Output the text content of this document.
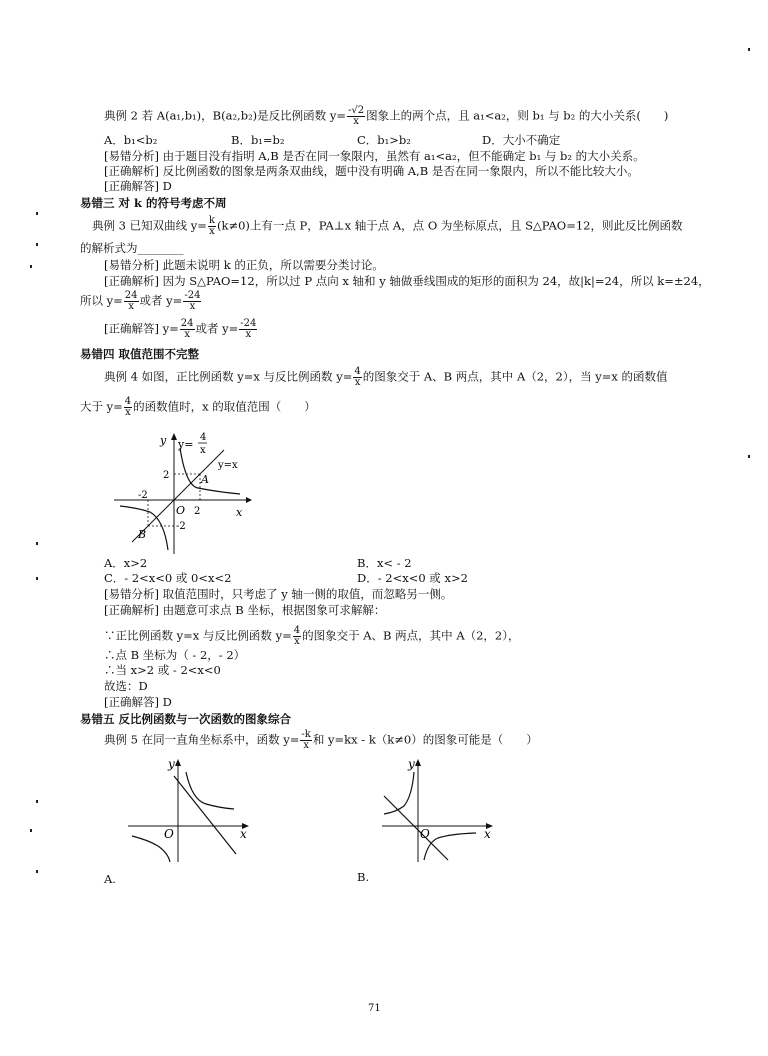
典例 2 若 A(a₁,b₁)，B(a₂,b₂)是反比例函数 $y= \frac{-√2}{x}$ 图象上的两个点，且 a₁<a₂，则 b₁ 与 b₂ 的大小关系(　　)
A．b₁<b₂	B．b₁=b₂	C．b₁>b₂	D．大小不确定
[易错分析] 由于题目没有指明 A,B 是否在同一象限内，虽然有 a₁<a₂，但不能确定 b₁ 与 b₂ 的大小关系。
[正确解析] 反比例函数的图象是两条双曲线，题中没有明确 A,B 是否在同一象限内，所以不能比较大小。
[正确解答] D
易错三 对 k 的符号考虑不周
典例 3 已知双曲线 $y= \frac{k}{x} (k\ne 0)$上有一点 P，PA⊥x 轴于点 A，点 O 为坐标原点，且 S△PAO=12，则此反比例函数
的解析式为________
[易错分析] 此题未说明 k 的正负，所以需要分类讨论。
[正确解析] 因为 S△PAO=12，所以过 P 点向 x 轴和 y 轴做垂线围成的矩形的面积为 24，故|k|=24，所以 k=±24，
所以 $y= \frac{24}{x}$ 或者 $y= \frac{-24}{x}$
[正确解答] $y= \frac{24}{x}$ 或者 $y= \frac{-24}{x}$
易错四 取值范围不完整
典例 4 如图，正比例函数 y=x 与反比例函数 $y= \frac{4}{x}$ 的图象交于 A、B 两点，其中 A（2，2），当 y=x 的函数值
大于 $y= \frac{4}{x}$ 的函数值时，x 的取值范围（　　）
y y=
4
x
y=x
A
B
O 2
-2
2
-2
x
A．x>2	B．x< - 2
C．- 2<x<0 或 0<x<2	D．- 2<x<0 或 x>2
[易错分析] 取值范围时，只考虑了 y 轴一侧的取值，而忽略另一侧。
[正确解析] 由题意可求点 B 坐标，根据图象可求解解：
∵正比例函数 y=x 与反比例函数 $y= \frac{4}{x}$ 的图象交于 A、B 两点，其中 A（2，2），
∴点 B 坐标为（ - 2，- 2）
∴当 x>2 或 - 2<x<0
故选：D
[正确解答] D
易错五 反比例函数与一次函数的图象综合
典例 5 在同一直角坐标系中，函数 $y= \frac{-k}{x}$ 和 y=kx - k（k≠0）的图象可能是（　　）
y
O	x
A.
y
O	x
B.
71
